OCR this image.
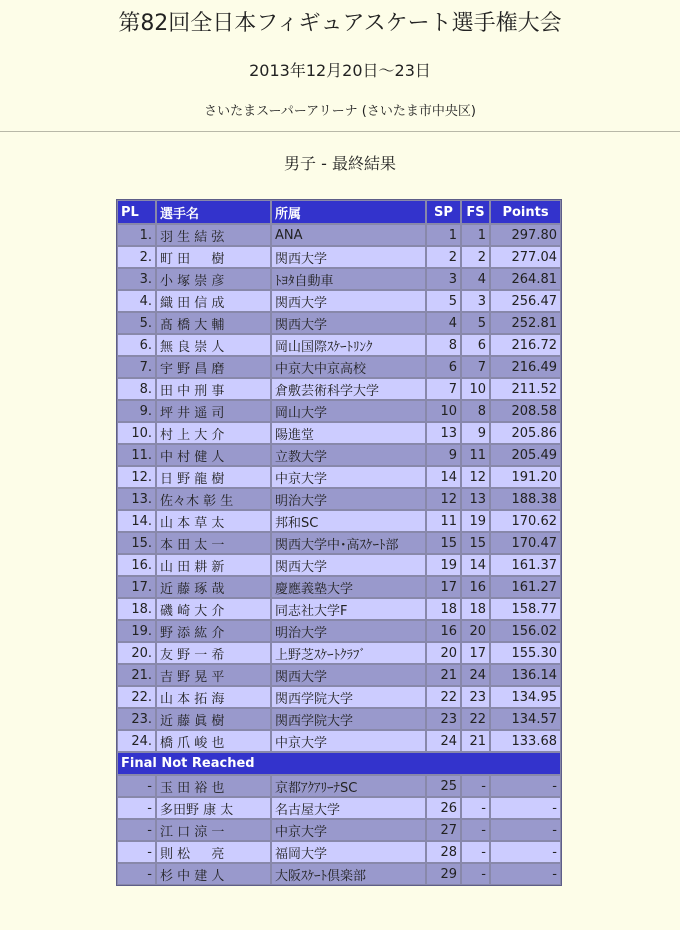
第82回全日本フィギュアスケート選手権大会
2013年12月20日～23日
さいたまスーパーアリーナ (さいたま市中央区)
男子 - 最終結果
PL	選手名	所属	SP	FS	Points
1.	羽 生 結 弦	ANA	1	1	297.80
2.	町 田 　 樹	関西大学	2	2	277.04
3.	小 塚 崇 彦	ﾄﾖﾀ自動車	3	4	264.81
4.	織 田 信 成	関西大学	5	3	256.47
5.	髙 橋 大 輔	関西大学	4	5	252.81
6.	無 良 崇 人	岡山国際ｽｹｰﾄﾘﾝｸ	8	6	216.72
7.	宇 野 昌 磨	中京大中京高校	6	7	216.49
8.	田 中 刑 事	倉敷芸術科学大学	7	10	211.52
9.	坪 井 遥 司	岡山大学	10	8	208.58
10.	村 上 大 介	陽進堂	13	9	205.86
11.	中 村 健 人	立教大学	9	11	205.49
12.	日 野 龍 樹	中京大学	14	12	191.20
13.	佐々木 彰 生	明治大学	12	13	188.38
14.	山 本 草 太	邦和SC	11	19	170.62
15.	本 田 太 一	関西大学中･高ｽｹｰﾄ部	15	15	170.47
16.	山 田 耕 新	関西大学	19	14	161.37
17.	近 藤 琢 哉	慶應義塾大学	17	16	161.27
18.	磯 崎 大 介	同志社大学F	18	18	158.77
19.	野 添 紘 介	明治大学	16	20	156.02
20.	友 野 一 希	上野芝ｽｹｰﾄｸﾗﾌﾞ	20	17	155.30
21.	吉 野 晃 平	関西大学	21	24	136.14
22.	山 本 拓 海	関西学院大学	22	23	134.95
23.	近 藤 眞 樹	関西学院大学	23	22	134.57
24.	橋 爪 峻 也	中京大学	24	21	133.68
Final Not Reached					
-	玉 田 裕 也	京都ｱｸｱﾘｰﾅSC	25	-	-
-	多田野 康 太	名古屋大学	26	-	-
-	江 口 涼 一	中京大学	27	-	-
-	則 松 　 亮	福岡大学	28	-	-
-	杉 中 建 人	大阪ｽｹｰﾄ倶楽部	29	-	-
